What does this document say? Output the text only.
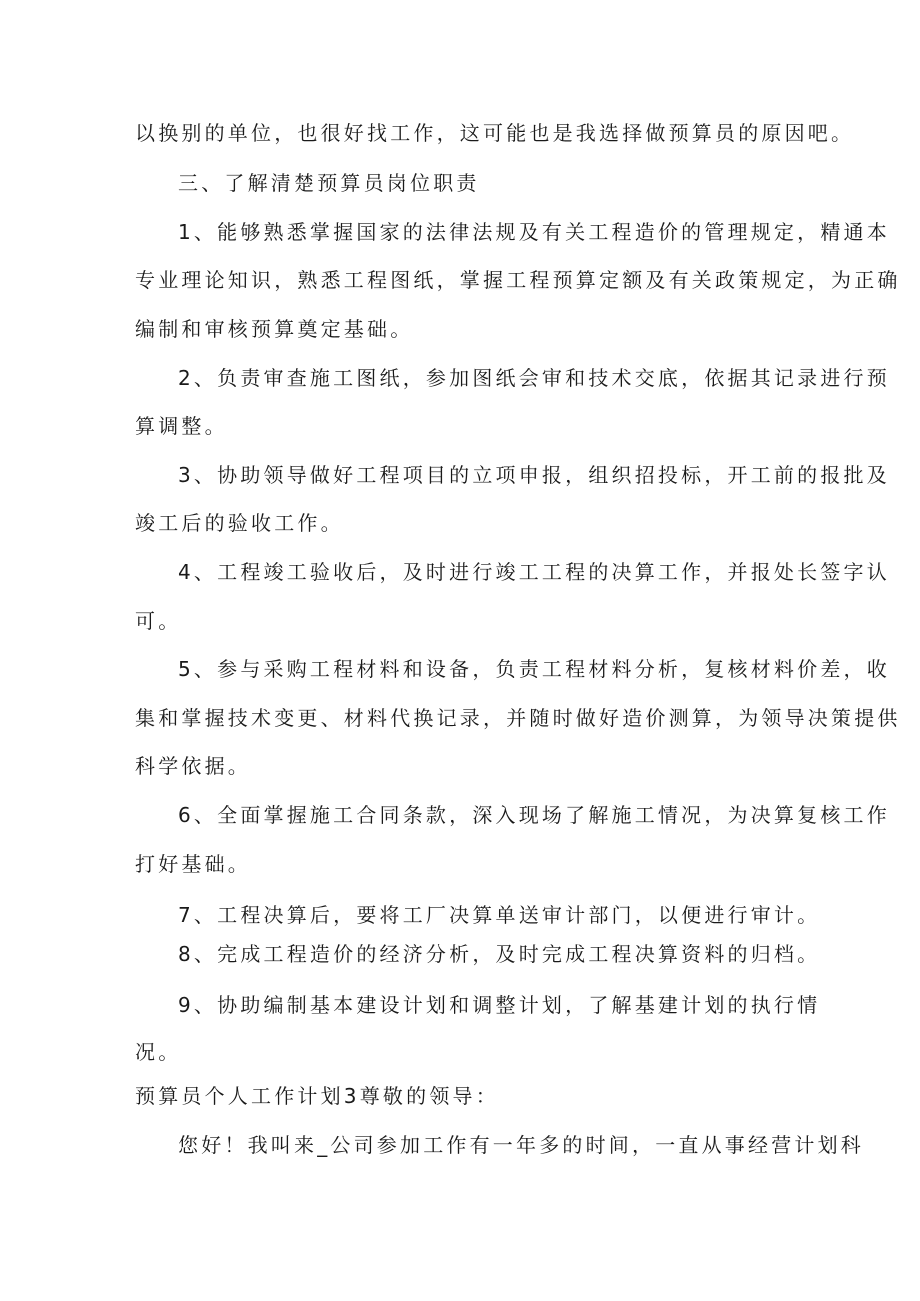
以换别的单位，也很好找工作，这可能也是我选择做预算员的原因吧。

三、了解清楚预算员岗位职责

1、能够熟悉掌握国家的法律法规及有关工程造价的管理规定，精通本

专业理论知识，熟悉工程图纸，掌握工程预算定额及有关政策规定，为正确

编制和审核预算奠定基础。

2、负责审查施工图纸，参加图纸会审和技术交底，依据其记录进行预

算调整。

3、协助领导做好工程项目的立项申报，组织招投标，开工前的报批及

竣工后的验收工作。

4、工程竣工验收后，及时进行竣工工程的决算工作，并报处长签字认

可。

5、参与采购工程材料和设备，负责工程材料分析，复核材料价差，收

集和掌握技术变更、材料代换记录，并随时做好造价测算，为领导决策提供

科学依据。

6、全面掌握施工合同条款，深入现场了解施工情况，为决算复核工作

打好基础。

7、工程决算后，要将工厂决算单送审计部门，以便进行审计。

8、完成工程造价的经济分析，及时完成工程决算资料的归档。

9、协助编制基本建设计划和调整计划，了解基建计划的执行情

况。

预算员个人工作计划3尊敬的领导：

您好！我叫来_公司参加工作有一年多的时间，一直从事经营计划科
